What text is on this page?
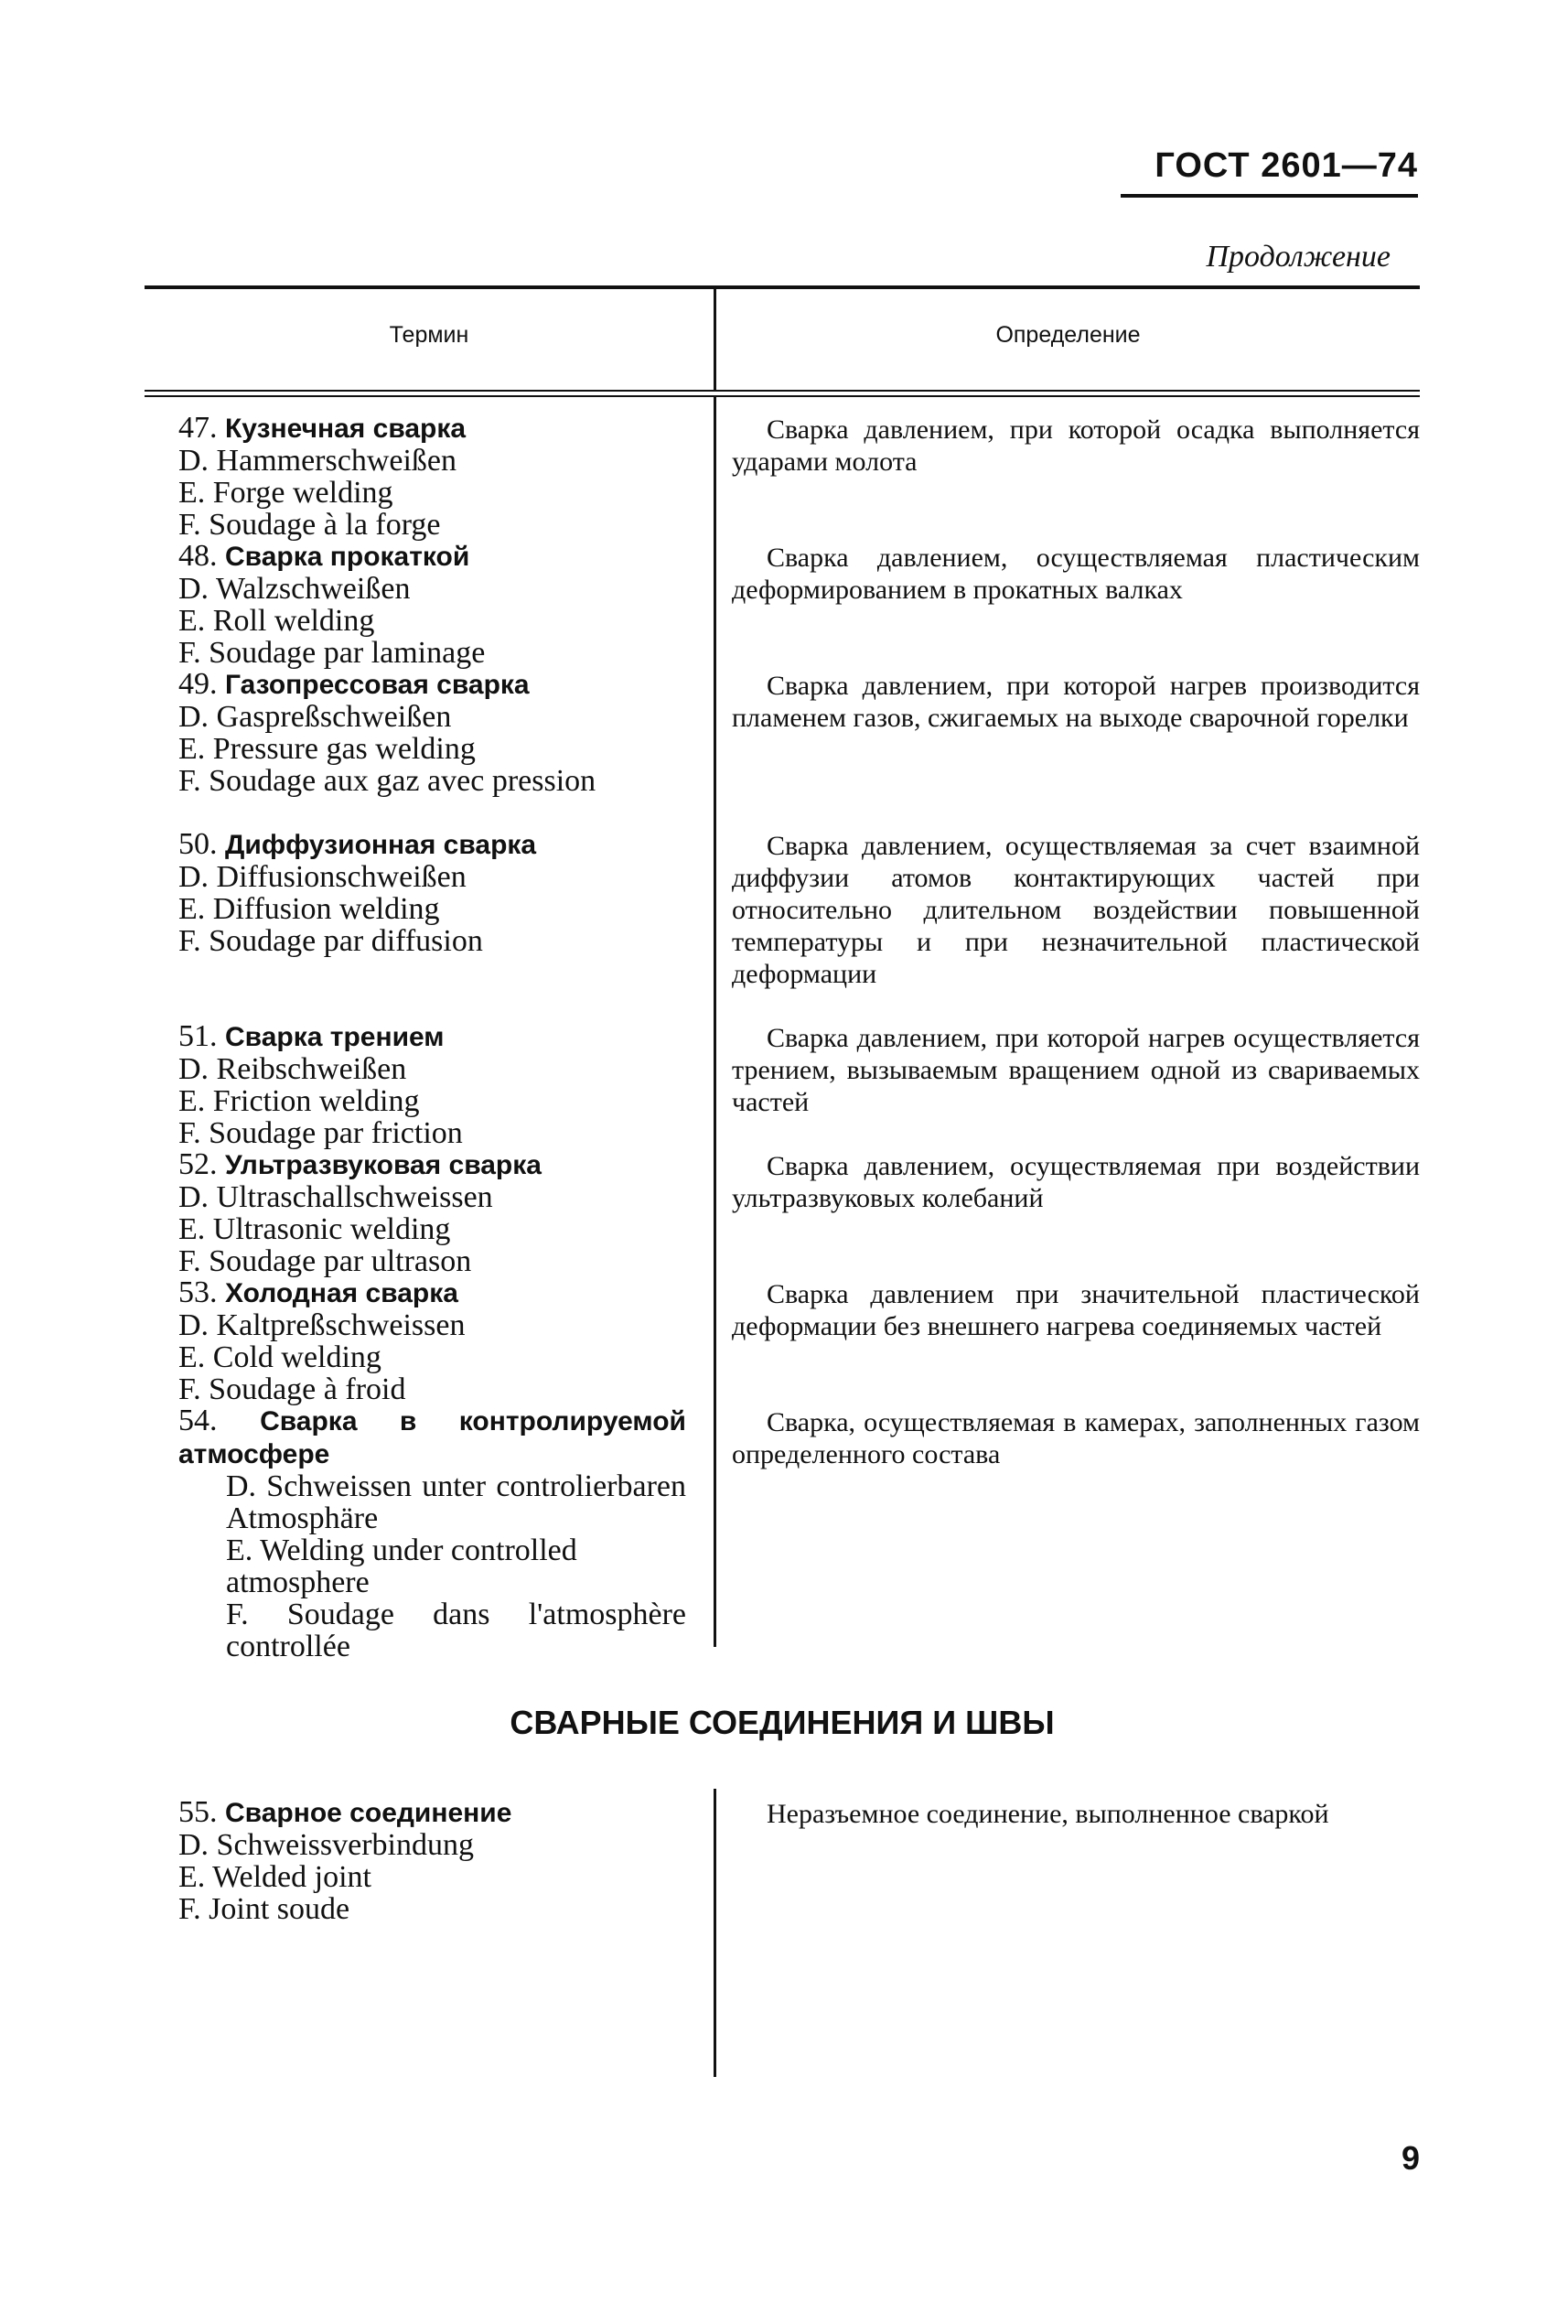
ГОСТ 2601—74
Продолжение
Термин	Определение
47. Кузнечная сварка
D. Hammerschweißen
E. Forge welding
F. Soudage à la forge
48. Сварка прокаткой
D. Walzschweißen
E. Roll welding
F. Soudage par laminage
49. Газопрессовая сварка
D. Gaspreßschweißen
E. Pressure gas welding
F. Soudage aux gaz avec pression
50. Диффузионная сварка
D. Diffusionschweißen
E. Diffusion welding
F. Soudage par diffusion
51. Сварка трением
D. Reibschweißen
E. Friction welding
F. Soudage par friction
52. Ультразвуковая сварка
D. Ultraschallschweissen
E. Ultrasonic welding
F. Soudage par ultrason
53. Холодная сварка
D. Kaltpreßschweissen
E. Cold welding
F. Soudage à froid
54. Сварка в контролируемой атмосфере
D. Schweissen unter controlierbaren Atmosphäre
E. Welding under controlled atmosphere
F. Soudage dans l'atmosphère controllée

Сварка давлением, при которой осадка выполняется ударами молота

Сварка давлением, осуществляемая пластическим деформированием в прокатных валках

Сварка давлением, при которой нагрев производится пламенем газов, сжигаемых на выходе сварочной горелки

Сварка давлением, осуществляемая за счет взаимной диффузии атомов контактирующих частей при относительно длительном воздействии повышенной температуры и при незначительной пластической деформации

Сварка давлением, при которой нагрев осуществляется трением, вызываемым вращением одной из свариваемых частей

Сварка давлением, осуществляемая при воздействии ультразвуковых колебаний

Сварка давлением при значительной пластической деформации без внешнего нагрева соединяемых частей

Сварка, осуществляемая в камерах, заполненных газом определенного состава

СВАРНЫЕ СОЕДИНЕНИЯ И ШВЫ
55. Сварное соединение
D. Schweissverbindung
E. Welded joint
F. Joint soude

Неразъемное соединение, выполненное сваркой

9
